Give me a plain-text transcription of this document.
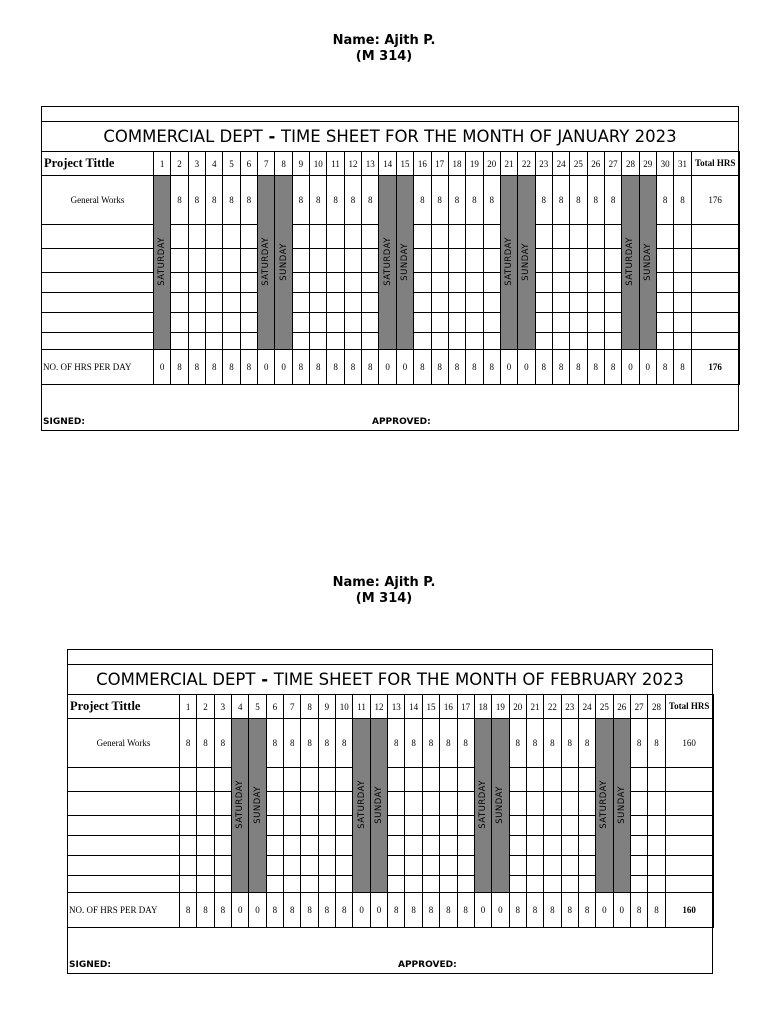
Name: Ajith P.
(M 314)
COMMERCIAL DEPT - TIME SHEET FOR THE MONTH OF JANUARY 2023
Project Tittle	1	2	3	4	5	6	7	8	9	10	11	12	13	14	15	16	17	18	19	20	21	22	23	24	25	26	27	28	29	30	31	Total HRS
General Works	SATURDAY	8	8	8	8	8	SATURDAY	SUNDAY	8	8	8	8	8	SATURDAY	SUNDAY	8	8	8	8	8	SATURDAY	SUNDAY	8	8	8	8	8	SATURDAY	SUNDAY	8	8	176

NO. OF HRS PER DAY	0	8	8	8	8	8	0	0	8	8	8	8	8	0	0	8	8	8	8	8	0	0	8	8	8	8	8	0	0	8	8	176
SIGNED:	APPROVED:
Name: Ajith P.
(M 314)
COMMERCIAL DEPT - TIME SHEET FOR THE MONTH OF FEBRUARY 2023
Project Tittle	1	2	3	4	5	6	7	8	9	10	11	12	13	14	15	16	17	18	19	20	21	22	23	24	25	26	27	28	Total HRS
General Works	8	8	8	SATURDAY	SUNDAY	8	8	8	8	8	SATURDAY	SUNDAY	8	8	8	8	8	SATURDAY	SUNDAY	8	8	8	8	8	SATURDAY	SUNDAY	8	8	160

NO. OF HRS PER DAY	8	8	8	0	0	8	8	8	8	8	0	0	8	8	8	8	8	0	0	8	8	8	8	8	0	0	8	8	160
SIGNED:	APPROVED:
